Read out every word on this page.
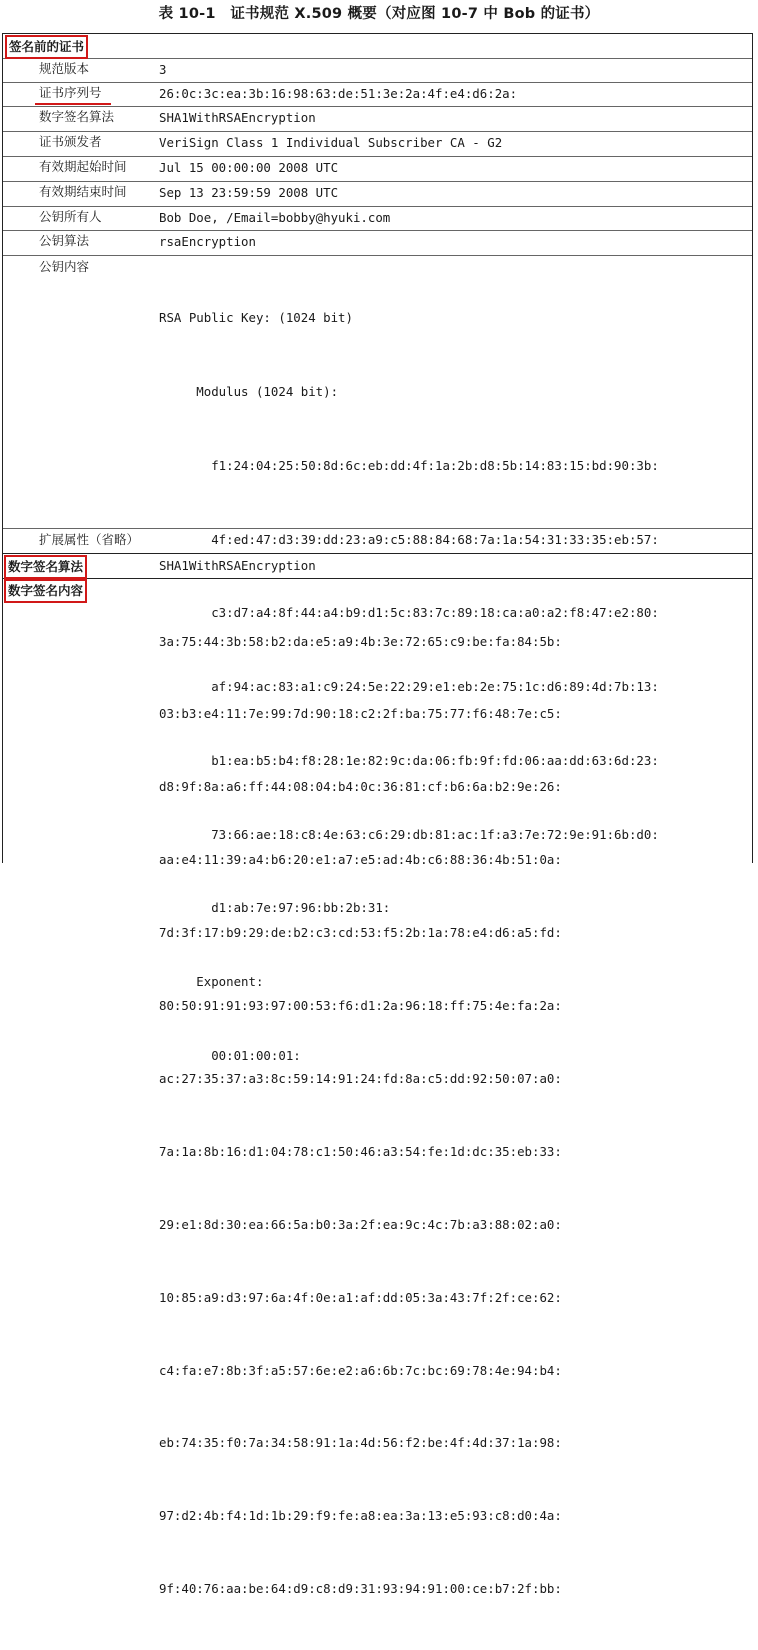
表 10-1　证书规范 X.509 概要（对应图 10-7 中 Bob 的证书）
签名前的证书
规范版本	3
证书序列号	26:0c:3c:ea:3b:16:98:63:de:51:3e:2a:4f:e4:d6:2a:
数字签名算法	SHA1WithRSAEncryption
证书颁发者	VeriSign Class 1 Individual Subscriber CA - G2
有效期起始时间	Jul 15 00:00:00 2008 UTC
有效期结束时间	Sep 13 23:59:59 2008 UTC
公钥所有人	Bob Doe, /Email=bobby@hyuki.com
公钥算法	rsaEncryption
公钥内容

RSA Public Key: (1024 bit)

Modulus (1024 bit):

f1:24:04:25:50:8d:6c:eb:dd:4f:1a:2b:d8:5b:14:83:15:bd:90:3b:

4f:ed:47:d3:39:dd:23:a9:c5:88:84:68:7a:1a:54:31:33:35:eb:57:

c3:d7:a4:8f:44:a4:b9:d1:5c:83:7c:89:18:ca:a0:a2:f8:47:e2:80:

af:94:ac:83:a1:c9:24:5e:22:29:e1:eb:2e:75:1c:d6:89:4d:7b:13:

b1:ea:b5:b4:f8:28:1e:82:9c:da:06:fb:9f:fd:06:aa:dd:63:6d:23:

73:66:ae:18:c8:4e:63:c6:29:db:81:ac:1f:a3:7e:72:9e:91:6b:d0:

d1:ab:7e:97:96:bb:2b:31:

Exponent:

00:01:00:01:

扩展属性（省略）
数字签名算法	SHA1WithRSAEncryption
数字签名内容

3a:75:44:3b:58:b2:da:e5:a9:4b:3e:72:65:c9:be:fa:84:5b:

03:b3:e4:11:7e:99:7d:90:18:c2:2f:ba:75:77:f6:48:7e:c5:

d8:9f:8a:a6:ff:44:08:04:b4:0c:36:81:cf:b6:6a:b2:9e:26:

aa:e4:11:39:a4:b6:20:e1:a7:e5:ad:4b:c6:88:36:4b:51:0a:

7d:3f:17:b9:29:de:b2:c3:cd:53:f5:2b:1a:78:e4:d6:a5:fd:

80:50:91:91:93:97:00:53:f6:d1:2a:96:18:ff:75:4e:fa:2a:

ac:27:35:37:a3:8c:59:14:91:24:fd:8a:c5:dd:92:50:07:a0:

7a:1a:8b:16:d1:04:78:c1:50:46:a3:54:fe:1d:dc:35:eb:33:

29:e1:8d:30:ea:66:5a:b0:3a:2f:ea:9c:4c:7b:a3:88:02:a0:

10:85:a9:d3:97:6a:4f:0e:a1:af:dd:05:3a:43:7f:2f:ce:62:

c4:fa:e7:8b:3f:a5:57:6e:e2:a6:6b:7c:bc:69:78:4e:94:b4:

eb:74:35:f0:7a:34:58:91:1a:4d:56:f2:be:4f:4d:37:1a:98:

97:d2:4b:f4:1d:1b:29:f9:fe:a8:ea:3a:13:e5:93:c8:d0:4a:

9f:40:76:aa:be:64:d9:c8:d9:31:93:94:91:00:ce:b7:2f:bb:
